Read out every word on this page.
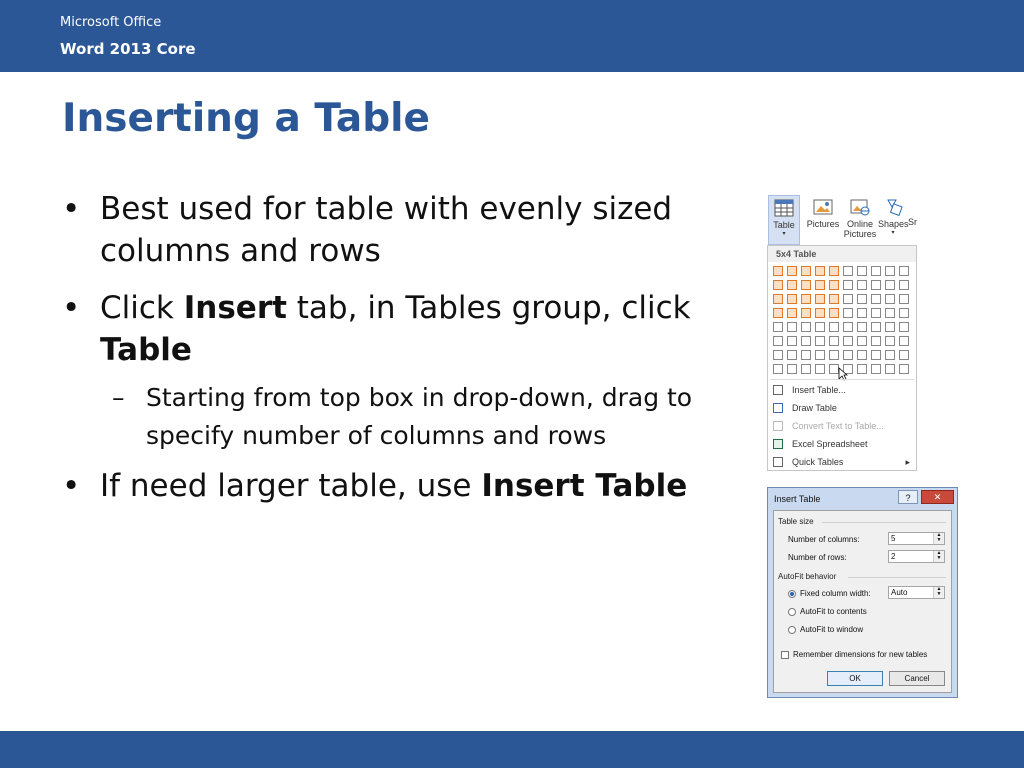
Microsoft Office
Word 2013 Core
Inserting a Table
• Best used for table with evenly sized columns and rows
• Click Insert tab, in Tables group, click Table
– Starting from top box in drop-down, drag to specify number of columns and rows
• If need larger table, use Insert Table
Table
▾
Pictures Online
Pictures
Shapes
▾
Sr
5x4 Table
Insert Table...
Draw Table
Convert Text to Table...
Excel Spreadsheet
Quick Tables	▸
Insert Table	?	✕
Table size
Number of columns:	5	▲
▼
Number of rows:	2	▲
▼
AutoFit behavior
Fixed column width:	Auto	▲
▼
AutoFit to contents
AutoFit to window
Remember dimensions for new tables
OK	Cancel
